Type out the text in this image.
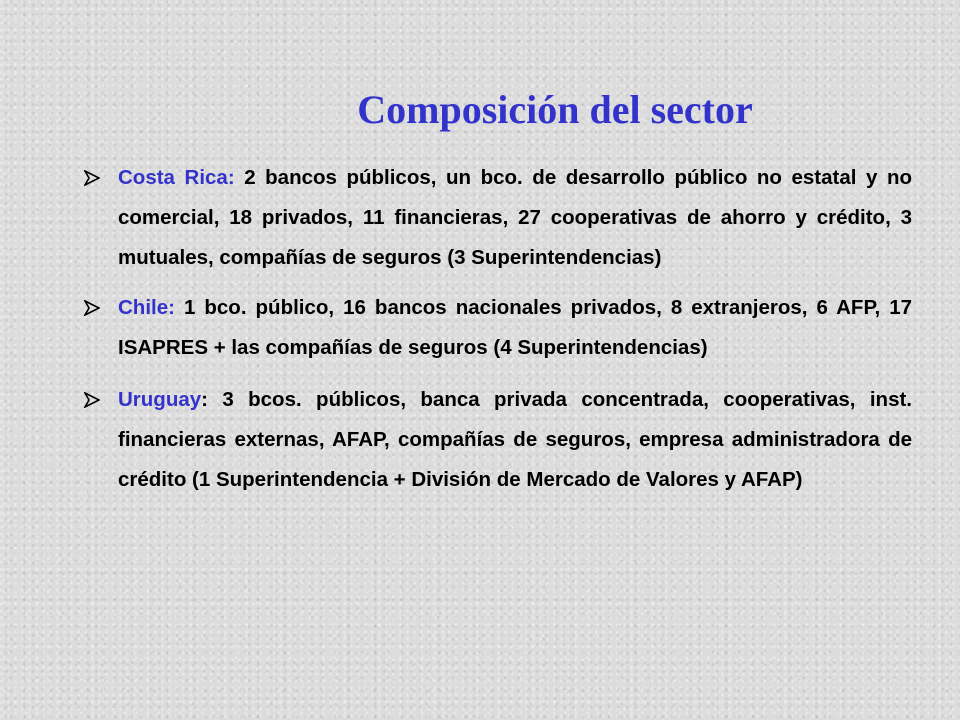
Composición del sector
Costa Rica: 2 bancos públicos, un bco. de desarrollo público no estatal y no comercial, 18 privados, 11 financieras, 27 cooperativas de ahorro y crédito, 3 mutuales, compañías de seguros (3 Superintendencias)
Chile: 1 bco. público, 16 bancos nacionales privados, 8 extranjeros, 6 AFP, 17 ISAPRES + las compañías de seguros (4 Superintendencias)
Uruguay: 3 bcos. públicos, banca privada concentrada, cooperativas, inst. financieras externas, AFAP, compañías de seguros, empresa administradora de crédito (1 Superintendencia + División de Mercado de Valores y AFAP)
